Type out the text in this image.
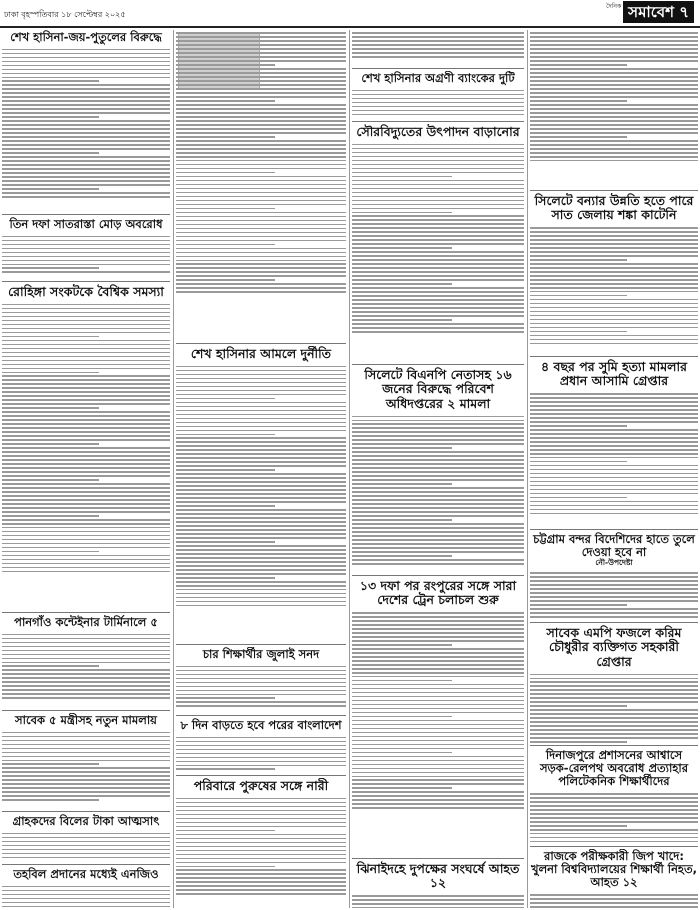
ঢাকা বৃহস্পতিবার ১৮ সেপ্টেম্বর ২০২৫
দৈনিক সমাবেশ ৭
শেখ হাসিনা-জয়-পুতুলের বিরুদ্ধে
তিন দফা সাতরাস্তা মোড় অবরোধ
রোহিঙ্গা সংকটকে বৈশ্বিক সমস্যা
পানগাঁও কন্টেইনার টার্মিনালে ৫
সাবেক ৫ মন্ত্রীসহ নতুন মামলায়
গ্রাহকদের বিলের টাকা আত্মসাৎ
তহবিল প্রদানের মধ্যেই এনজিও
শেখ হাসিনার আমলে দুর্নীতি
চার শিক্ষার্থীর জুলাই সনদ
৮ দিন বাড়তে হবে পরের বাংলাদেশ
পরিবারে পুরুষের সঙ্গে নারী
শেখ হাসিনার অগ্রণী ব্যাংকের দুটি
সৌরবিদ্যুতের উৎপাদন বাড়ানোর
সিলেটে বিএনপি নেতাসহ ১৬ জনের বিরুদ্ধে পরিবেশ অধিদপ্তরের ২ মামলা
১৩ দফা পর রংপুরের সঙ্গে সারা দেশের ট্রেন চলাচল শুরু
ঝিনাইদহে দুপক্ষের সংঘর্ষে আহত ১২
সিলেটে বন্যার উন্নতি হতে পারে সাত জেলায় শঙ্কা কাটেনি
৪ বছর পর সুমি হত্যা মামলার প্রধান আসামি গ্রেপ্তার
চট্টগ্রাম বন্দর বিদেশিদের হাতে তুলে দেওয়া হবে না
নৌ-উপদেষ্টা
সাবেক এমপি ফজলে করিম চৌধুরীর ব্যক্তিগত সহকারী গ্রেপ্তার
দিনাজপুরে প্রশাসনের আশ্বাসে সড়ক-রেলপথ অবরোধ প্রত্যাহার পলিটেকনিক শিক্ষার্থীদের
রাজকে পরীক্ষকারী জিপ খাদে: খুলনা বিশ্ববিদ্যালয়ের শিক্ষার্থী নিহত, আহত ১২
